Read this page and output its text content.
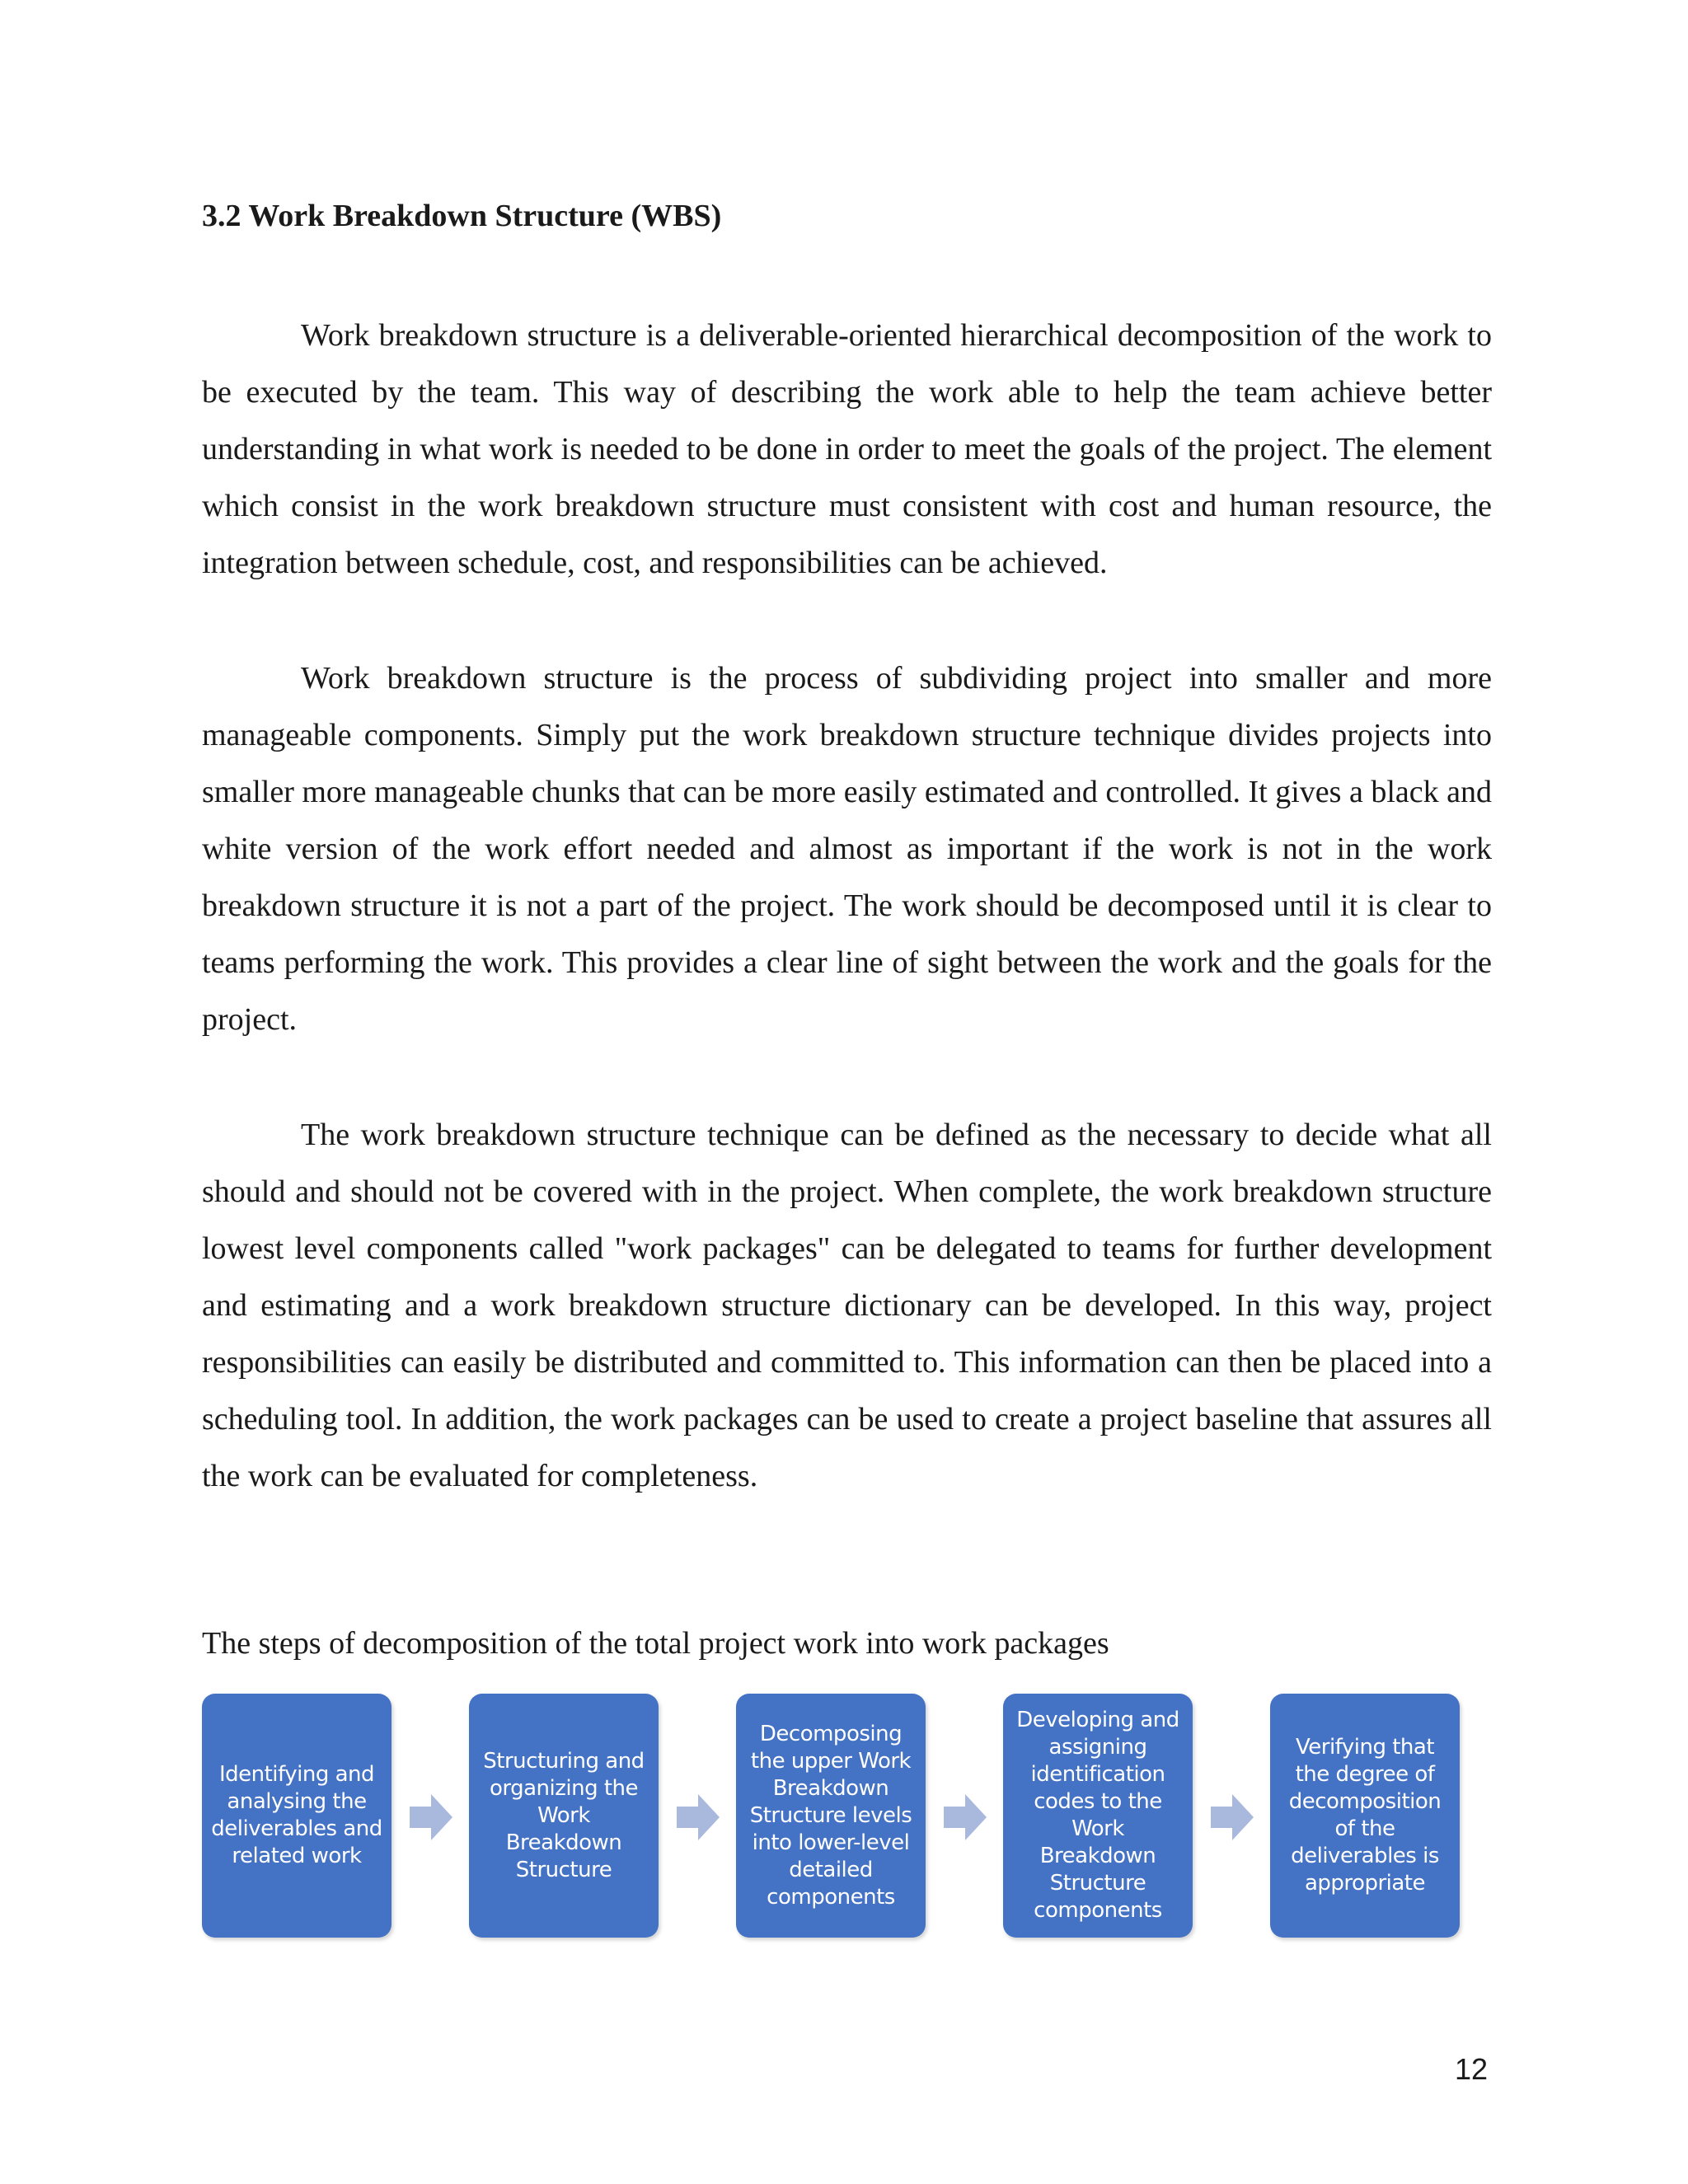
3.2 Work Breakdown Structure (WBS)

Work breakdown structure is a deliverable-oriented hierarchical decomposition of the work to be executed by the team. This way of describing the work able to help the team achieve better understanding in what work is needed to be done in order to meet the goals of the project. The element which consist in the work breakdown structure must consistent with cost and human resource, the integration between schedule, cost, and responsibilities can be achieved.

Work breakdown structure is the process of subdividing project into smaller and more manageable components. Simply put the work breakdown structure technique divides projects into smaller more manageable chunks that can be more easily estimated and controlled. It gives a black and white version of the work effort needed and almost as important if the work is not in the work breakdown structure it is not a part of the project. The work should be decomposed until it is clear to teams performing the work. This provides a clear line of sight between the work and the goals for the project.

The work breakdown structure technique can be defined as the necessary to decide what all should and should not be covered with in the project. When complete, the work breakdown structure lowest level components called "work packages" can be delegated to teams for further development and estimating and a work breakdown structure dictionary can be developed. In this way, project responsibilities can easily be distributed and committed to. This information can then be placed into a scheduling tool. In addition, the work packages can be used to create a project baseline that assures all the work can be evaluated for completeness.

The steps of decomposition of the total project work into work packages
Identifying and analysing the deliverables and related work
Structuring and organizing the Work Breakdown Structure
Decomposing the upper Work Breakdown Structure levels into lower-level detailed components
Developing and assigning identification codes to the Work Breakdown Structure components
Verifying that the degree of decomposition of the deliverables is appropriate
12
